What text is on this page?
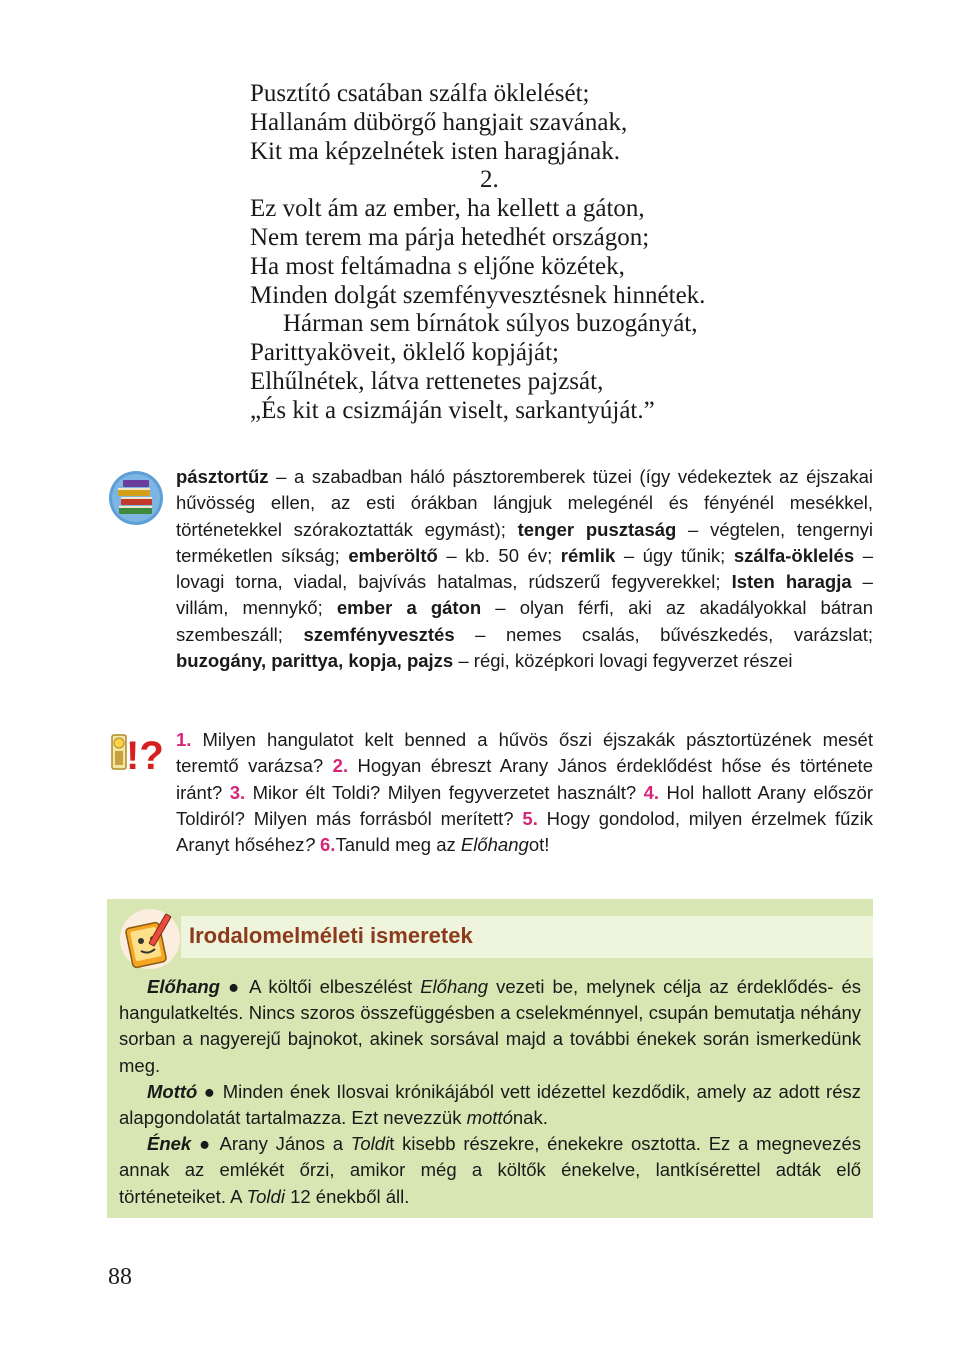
Pusztító csatában szálfa öklelését;
Hallanám dübörgő hangjait szavának,
Kit ma képzelnétek isten haragjának.
2.
Ez volt ám az ember, ha kellett a gáton,
Nem terem ma párja hetedhét országon;
Ha most feltámadna s eljőne közétek,
Minden dolgát szemfényvesztésnek hinnétek.
Hárman sem bírnátok súlyos buzogányát,
Parittyaköveit, öklelő kopjáját;
Elhűlnétek, látva rettenetes pajzsát,
„És kit a csizmáján viselt, sarkantyúját.”
pásztortűz – a szabadban háló pásztoremberek tüzei (így védekeztek az éjszakai hűvösség ellen, az esti órákban lángjuk melegénél és fényénél mesékkel, történetekkel szórakoztatták egymást); tenger pusztaság – végtelen, tengernyi terméketlen síkság; emberöltő – kb. 50 év; rémlik – úgy tűnik; szálfa-öklelés – lovagi torna, viadal, bajvívás hatalmas, rúdszerű fegyverekkel; Isten haragja – villám, mennykő; ember a gáton – olyan férfi, aki az akadályokkal bátran szembeszáll; szemfényvesztés – nemes csalás, bűvészkedés, varázslat; buzogány, parittya, kopja, pajzs – régi, középkori lovagi fegyverzet részei
!? 1. Milyen hangulatot kelt benned a hűvös őszi éjszakák pásztortüzének mesét teremtő varázsa? 2. Hogyan ébreszt Arany János érdeklődést hőse és története iránt? 3. Mikor élt Toldi? Milyen fegyverzetet használt? 4. Hol hallott Arany először Toldiról? Milyen más forrásból merített? 5. Hogy gondolod, milyen érzelmek fűzik Aranyt hőséhez? 6.Tanuld meg az Előhangot!
Irodalomelméleti ismeretek
Előhang ● A költői elbeszélést Előhang vezeti be, melynek célja az érdeklődés- és hangulatkeltés. Nincs szoros összefüggésben a cselekménnyel, csupán bemutatja néhány sorban a nagyerejű bajnokot, akinek sorsával majd a további énekek során ismerkedünk meg.
Mottó ● Minden ének Ilosvai krónikájából vett idézettel kezdődik, amely az adott rész alapgondolatát tartalmazza. Ezt nevezzük mottónak.
Ének ● Arany János a Toldit kisebb részekre, énekekre osztotta. Ez a megnevezés annak az emlékét őrzi, amikor még a költők énekelve, lantkísérettel adták elő történeteiket. A Toldi 12 énekből áll.
88
